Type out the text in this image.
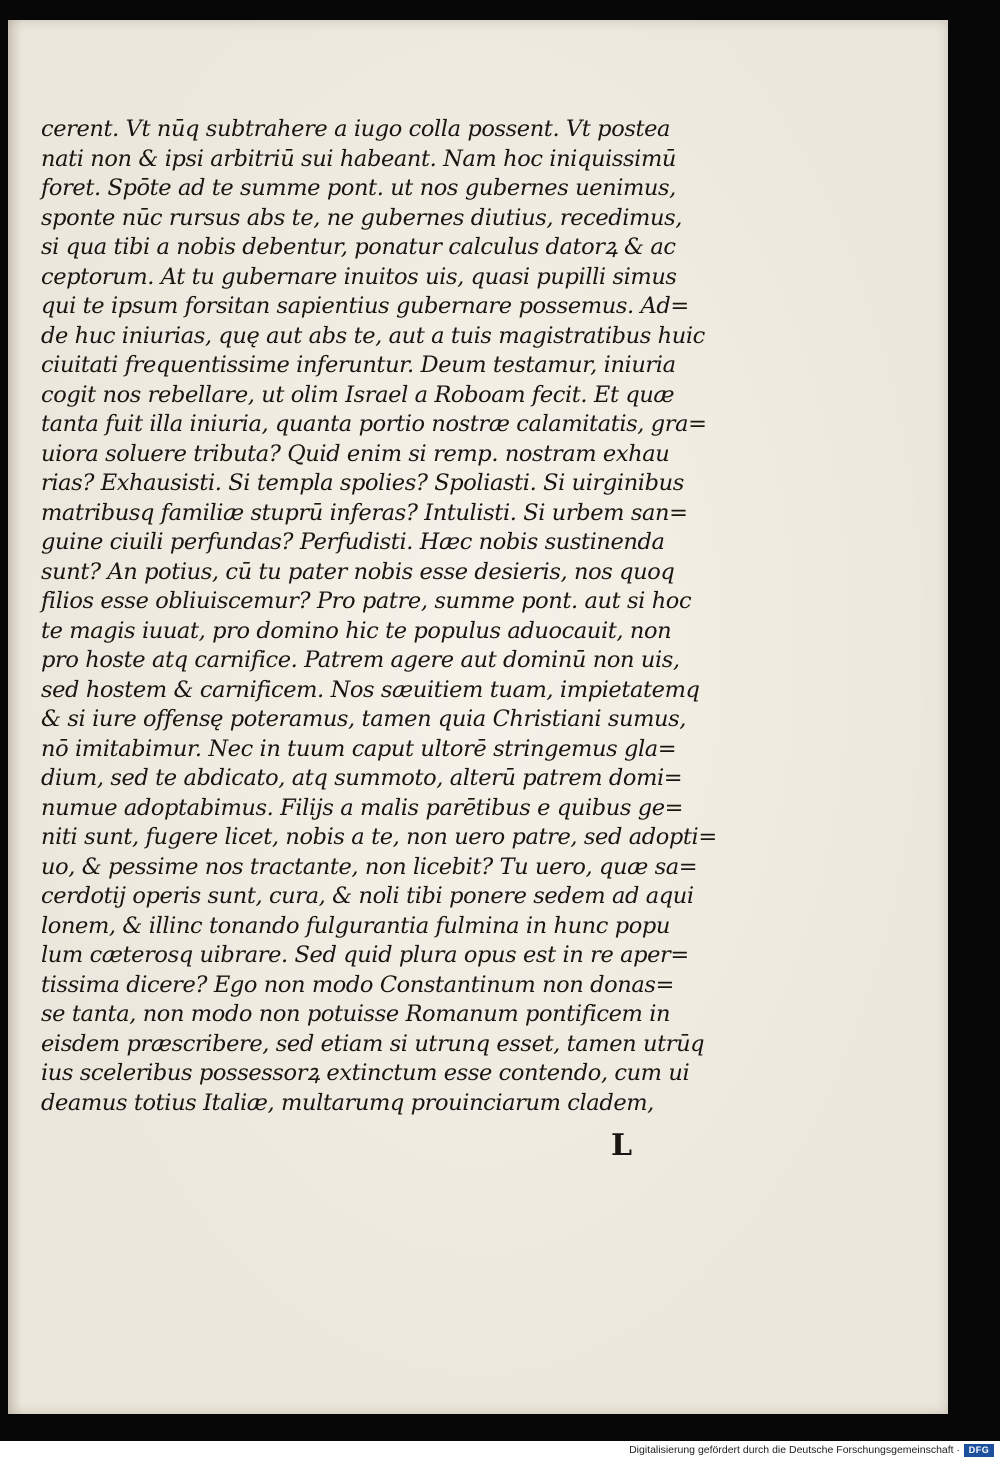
cerent. Vt nūq subtrahere a iugo colla possent. Vt postea
nati non & ipsi arbitriū sui habeant. Nam hoc iniquissimū
foret. Spōte ad te summe pont. ut nos gubernes uenimus,
sponte nūc rursus abs te, ne gubernes diutius, recedimus,
si qua tibi a nobis debentur, ponatur calculus datorꝝ & ac
ceptorum. At tu gubernare inuitos uis, quasi pupilli simus
qui te ipsum forsitan sapientius gubernare possemus. Ad=
de huc iniurias, quę aut abs te, aut a tuis magistratibus huic
ciuitati frequentissime inferuntur. Deum testamur, iniuria
cogit nos rebellare, ut olim Israel a Roboam fecit. Et quæ
tanta fuit illa iniuria, quanta portio nostræ calamitatis, gra=
uiora soluere tributa? Quid enim si remp. nostram exhau
rias? Exhausisti. Si templa spolies? Spoliasti. Si uirginibus
matribusq familiæ stuprū inferas? Intulisti. Si urbem san=
guine ciuili perfundas? Perfudisti. Hæc nobis sustinenda
sunt? An potius, cū tu pater nobis esse desieris, nos quoq
filios esse obliuiscemur? Pro patre, summe pont. aut si hoc
te magis iuuat, pro domino hic te populus aduocauit, non
pro hoste atq carnifice. Patrem agere aut dominū non uis,
sed hostem & carnificem. Nos sæuitiem tuam, impietatemq
& si iure offensę poteramus, tamen quia Christiani sumus,
nō imitabimur. Nec in tuum caput ultorē stringemus gla=
dium, sed te abdicato, atq summoto, alterū patrem domi=
numue adoptabimus. Filijs a malis parētibus e quibus ge=
niti sunt, fugere licet, nobis a te, non uero patre, sed adopti=
uo, & pessime nos tractante, non licebit? Tu uero, quæ sa=
cerdotij operis sunt, cura, & noli tibi ponere sedem ad aqui
lonem, & illinc tonando fulgurantia fulmina in hunc popu
lum cæterosq uibrare. Sed quid plura opus est in re aper=
tissima dicere? Ego non modo Constantinum non donas=
se tanta, non modo non potuisse Romanum pontificem in
eisdem præscribere, sed etiam si utrunq esset, tamen utrūq
ius sceleribus possessorꝝ extinctum esse contendo, cum ui
deamus totius Italiæ, multarumq prouinciarum cladem,
L
Digitalisierung gefördert durch die Deutsche Forschungsgemeinschaft · DFG
